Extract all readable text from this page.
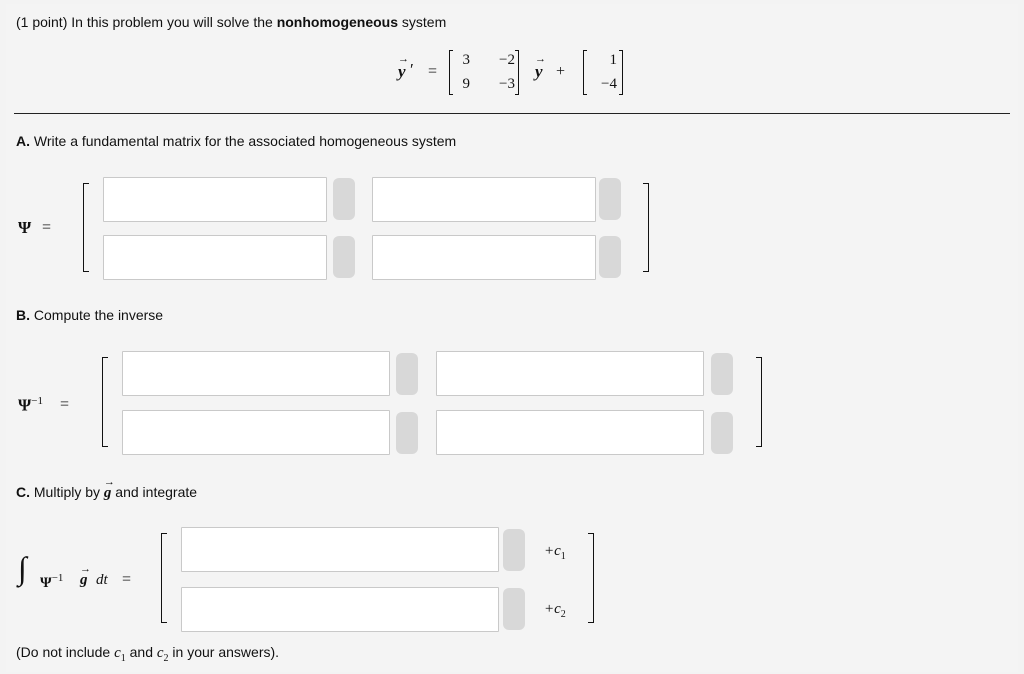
(1 point) In this problem you will solve the nonhomogeneous system
→ y ′ =
3	−2
9	−3
→ y +
1
−4
A. Write a fundamental matrix for the associated homogeneous system
Ψ =
B. Compute the inverse
$\Psi^{-1}$ =
C. Multiply by → g and integrate
∫ $\Psi^{-1}$
→ g dt =
$+c_1$
$+c_2$
(Do not include $c_1$ and $c_2$ in your answers).
